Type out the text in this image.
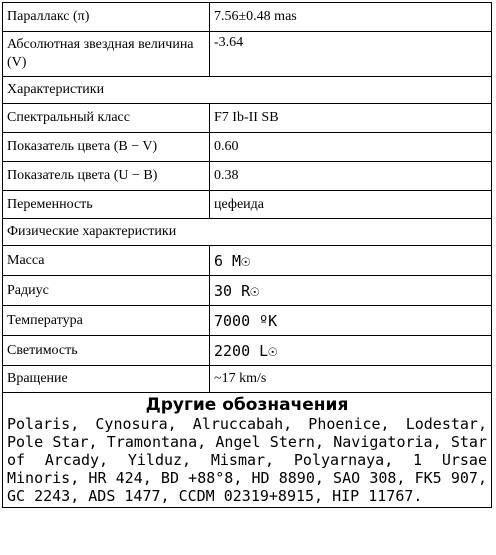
Параллакс (π)	7.56±0.48 mas
Абсолютная звездная величина (V)	-3.64
Характеристики	
Спектральный класс	F7 Ib-II SB
Показатель цвета (B − V)	0.60
Показатель цвета (U − B)	0.38
Переменность	цефеида
Физические характеристики	
Масса	6 M☉
Радиус	30 R☉
Температура	7000 ºK
Светимость	2200 L☉
Вращение	~17 km/s

Другие обозначения
Polaris, Cynosura, Alruccabah, Phoenice, Lodestar, Pole Star, Tramontana, Angel Stern, Navigatoria, Star of Arcady, Yilduz, Mismar, Polyarnaya, 1 Ursae Minoris, HR 424, BD +88°8, HD 8890, SAO 308, FK5 907, GC 2243, ADS 1477, CCDM 02319+8915, HIP 11767.	
